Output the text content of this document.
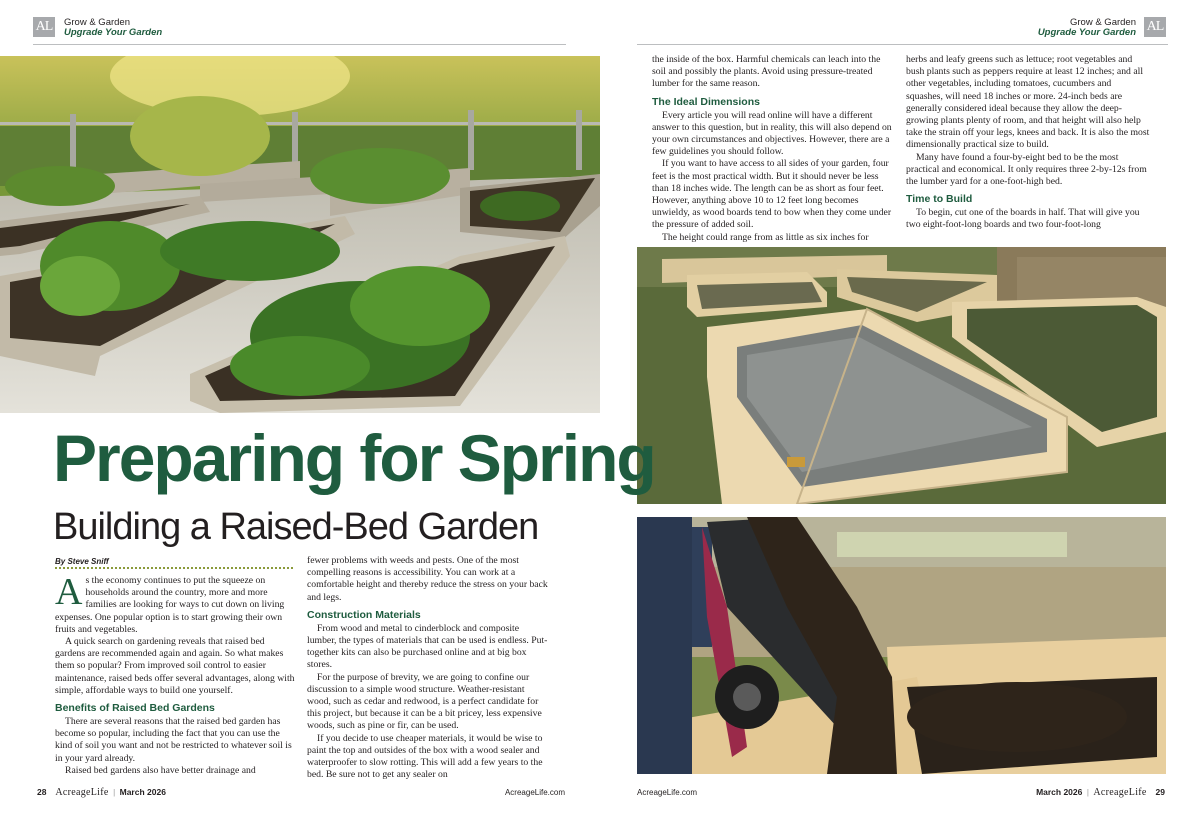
AL Grow & Garden
Upgrade Your Garden
Grow & Garden
Upgrade Your Garden AL
Preparing for Spring
Building a Raised-Bed Garden
By Steve Sniff

As the economy continues to put the squeeze on households around the country, more and more families are looking for ways to cut down on living expenses. One popular option is to start growing their own fruits and vegetables.

A quick search on gardening reveals that raised bed gardens are recommended again and again. So what makes them so popular? From improved soil control to easier maintenance, raised beds offer several advantages, along with simple, affordable ways to build one yourself.

Benefits of Raised Bed Gardens

There are several reasons that the raised bed garden has become so popular, including the fact that you can use the kind of soil you want and not be restricted to whatever soil is in your yard already.

Raised bed gardens also have better drainage and

fewer problems with weeds and pests. One of the most compelling reasons is accessibility. You can work at a comfortable height and thereby reduce the stress on your back and legs.

Construction Materials

From wood and metal to cinderblock and composite lumber, the types of materials that can be used is endless. Put-together kits can also be purchased online and at big box stores.

For the purpose of brevity, we are going to confine our discussion to a simple wood structure. Weather-resistant wood, such as cedar and redwood, is a perfect candidate for this project, but because it can be a bit pricey, less expensive woods, such as pine or fir, can be used.

If you decide to use cheaper materials, it would be wise to paint the top and outsides of the box with a wood sealer and waterproofer to slow rotting. This will add a few years to the bed. Be sure not to get any sealer on

the inside of the box. Harmful chemicals can leach into the soil and possibly the plants. Avoid using pressure-treated lumber for the same reason.

The Ideal Dimensions

Every article you will read online will have a different answer to this question, but in reality, this will also depend on your own circumstances and objectives. However, there are a few guidelines you should follow.

If you want to have access to all sides of your garden, four feet is the most practical width. But it should never be less than 18 inches wide. The length can be as short as four feet. However, anything above 10 to 12 feet long becomes unwieldy, as wood boards tend to bow when they come under the pressure of added soil.

The height could range from as little as six inches for

herbs and leafy greens such as lettuce; root vegetables and bush plants such as peppers require at least 12 inches; and all other vegetables, including tomatoes, cucumbers and squashes, will need 18 inches or more. 24-inch beds are generally considered ideal because they allow the deep-growing plants plenty of room, and that height will also help take the strain off your legs, knees and back. It is also the most dimensionally practical size to build.

Many have found a four-by-eight bed to be the most practical and economical. It only requires three 2-by-12s from the lumber yard for a one-foot-high bed.

Time to Build

To begin, cut one of the boards in half. That will give you two eight-foot-long boards and two four-foot-long

28 AcreageLife  |  March 2026	AcreageLife.com	AcreageLife.com	March 2026  |  AcreageLife 29
